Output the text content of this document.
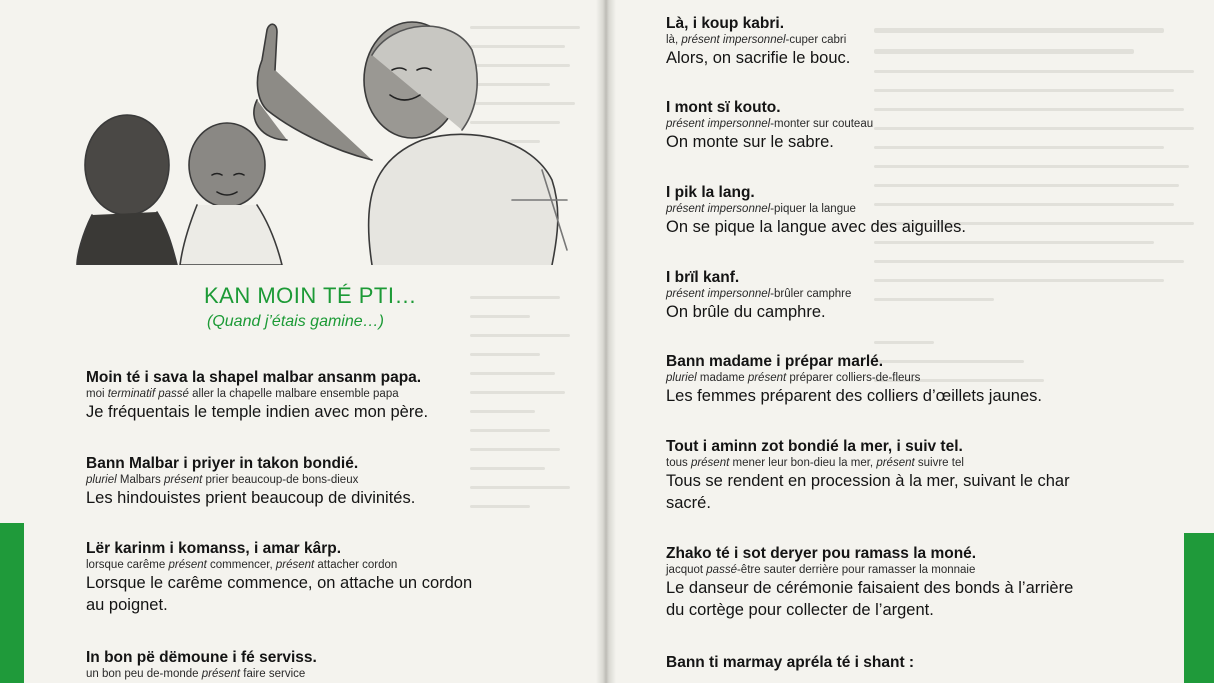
KAN MOIN TÉ PTI…
(Quand j’étais gamine…)
Moin té i sava la shapel malbar ansanm papa.
moi terminatif passé aller la chapelle malbare ensemble papa
Je fréquentais le temple indien avec mon père.
Bann Malbar i priyer in takon bondié.
pluriel Malbars présent prier beaucoup-de bons-dieux
Les hindouistes prient beaucoup de divinités.
Lër karinm i komanss, i amar kârp.
lorsque carême présent commencer, présent attacher cordon
Lorsque le carême commence, on attache un cordon
au poignet.
In bon pë dëmoune i fé serviss.
un bon peu de-monde présent faire service
Là, i koup kabri.
là, présent impersonnel-cuper cabri
Alors, on sacrifie le bouc.
I mont sï kouto.
présent impersonnel-monter sur couteau
On monte sur le sabre.
I pik la lang.
présent impersonnel-piquer la langue
On se pique la langue avec des aiguilles.
I brïl kanf.
présent impersonnel-brûler camphre
On brûle du camphre.
Bann madame i prépar marlé.
pluriel madame présent préparer colliers-de-fleurs
Les femmes préparent des colliers d’œillets jaunes.
Tout i aminn zot bondié la mer, i suiv tel.
tous présent mener leur bon-dieu la mer, présent suivre tel
Tous se rendent en procession à la mer, suivant le char
sacré.
Zhako té i sot deryer pou ramass la moné.
jacquot passé-être sauter derrière pour ramasser la monnaie
Le danseur de cérémonie faisaient des bonds à l’arrière
du cortège pour collecter de l’argent.
Bann ti marmay apréla té i shant :
